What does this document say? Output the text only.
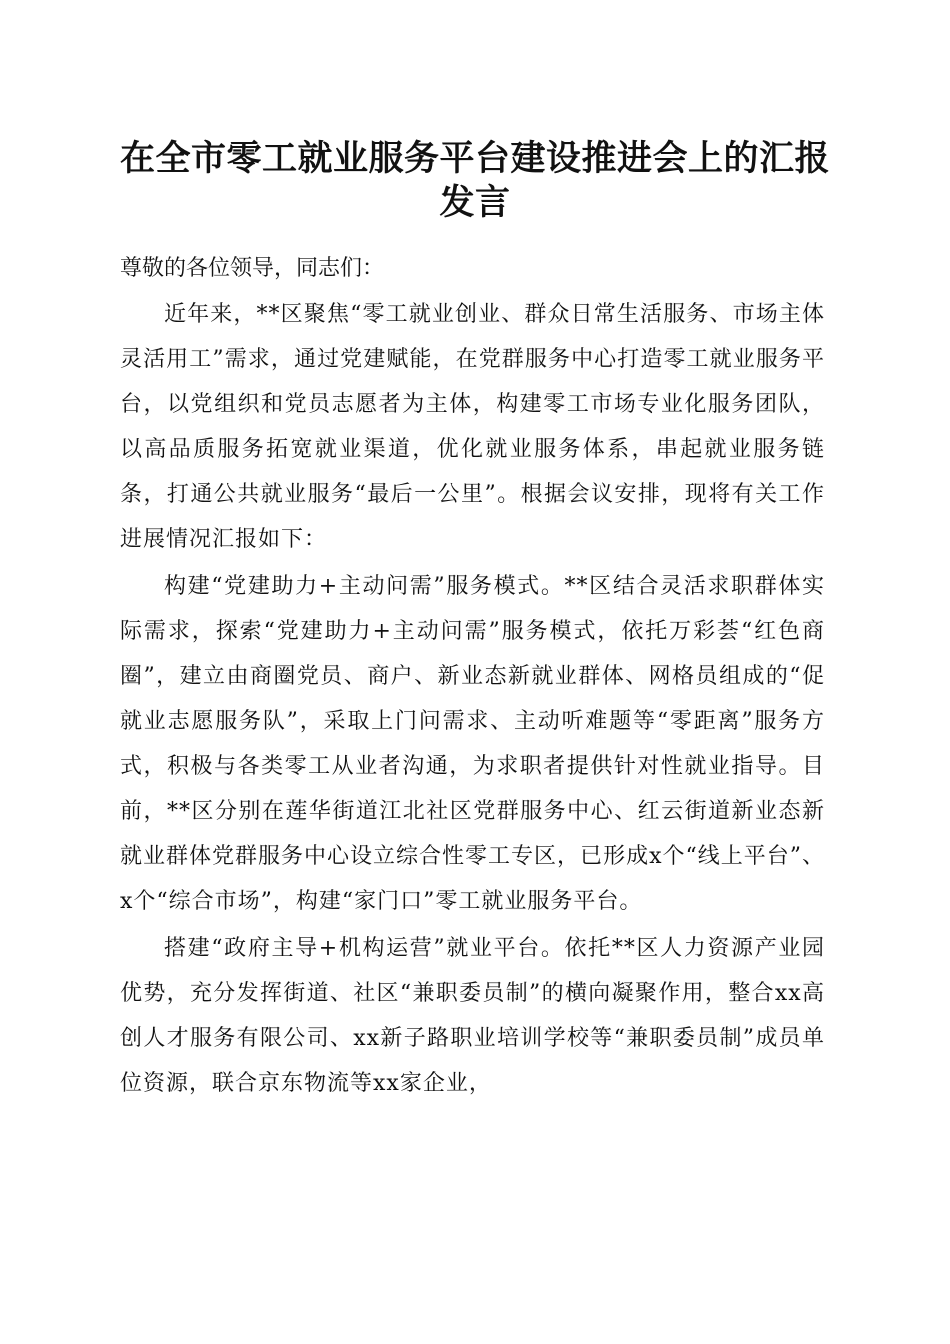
在全市零工就业服务平台建设推进会上的汇报
发言

尊敬的各位领导，同志们：

近年来，**区聚焦“零工就业创业、群众日常生活服务、市场主体灵活用工”需求，通过党建赋能，在党群服务中心打造零工就业服务平台，以党组织和党员志愿者为主体，构建零工市场专业化服务团队，以高品质服务拓宽就业渠道，优化就业服务体系，串起就业服务链条，打通公共就业服务“最后一公里”。根据会议安排，现将有关工作进展情况汇报如下：

构建“党建助力+主动问需”服务模式。**区结合灵活求职群体实际需求，探索“党建助力+主动问需”服务模式，依托万彩荟“红色商圈”，建立由商圈党员、商户、新业态新就业群体、网格员组成的“促就业志愿服务队”，采取上门问需求、主动听难题等“零距离”服务方式，积极与各类零工从业者沟通，为求职者提供针对性就业指导。目前，**区分别在莲华街道江北社区党群服务中心、红云街道新业态新就业群体党群服务中心设立综合性零工专区，已形成x个“线上平台”、x个“综合市场”，构建“家门口”零工就业服务平台。

搭建“政府主导+机构运营”就业平台。依托**区人力资源产业园优势，充分发挥街道、社区“兼职委员制”的横向凝聚作用，整合xx高创人才服务有限公司、xx新子路职业培训学校等“兼职委员制”成员单位资源，联合京东物流等xx家企业，
